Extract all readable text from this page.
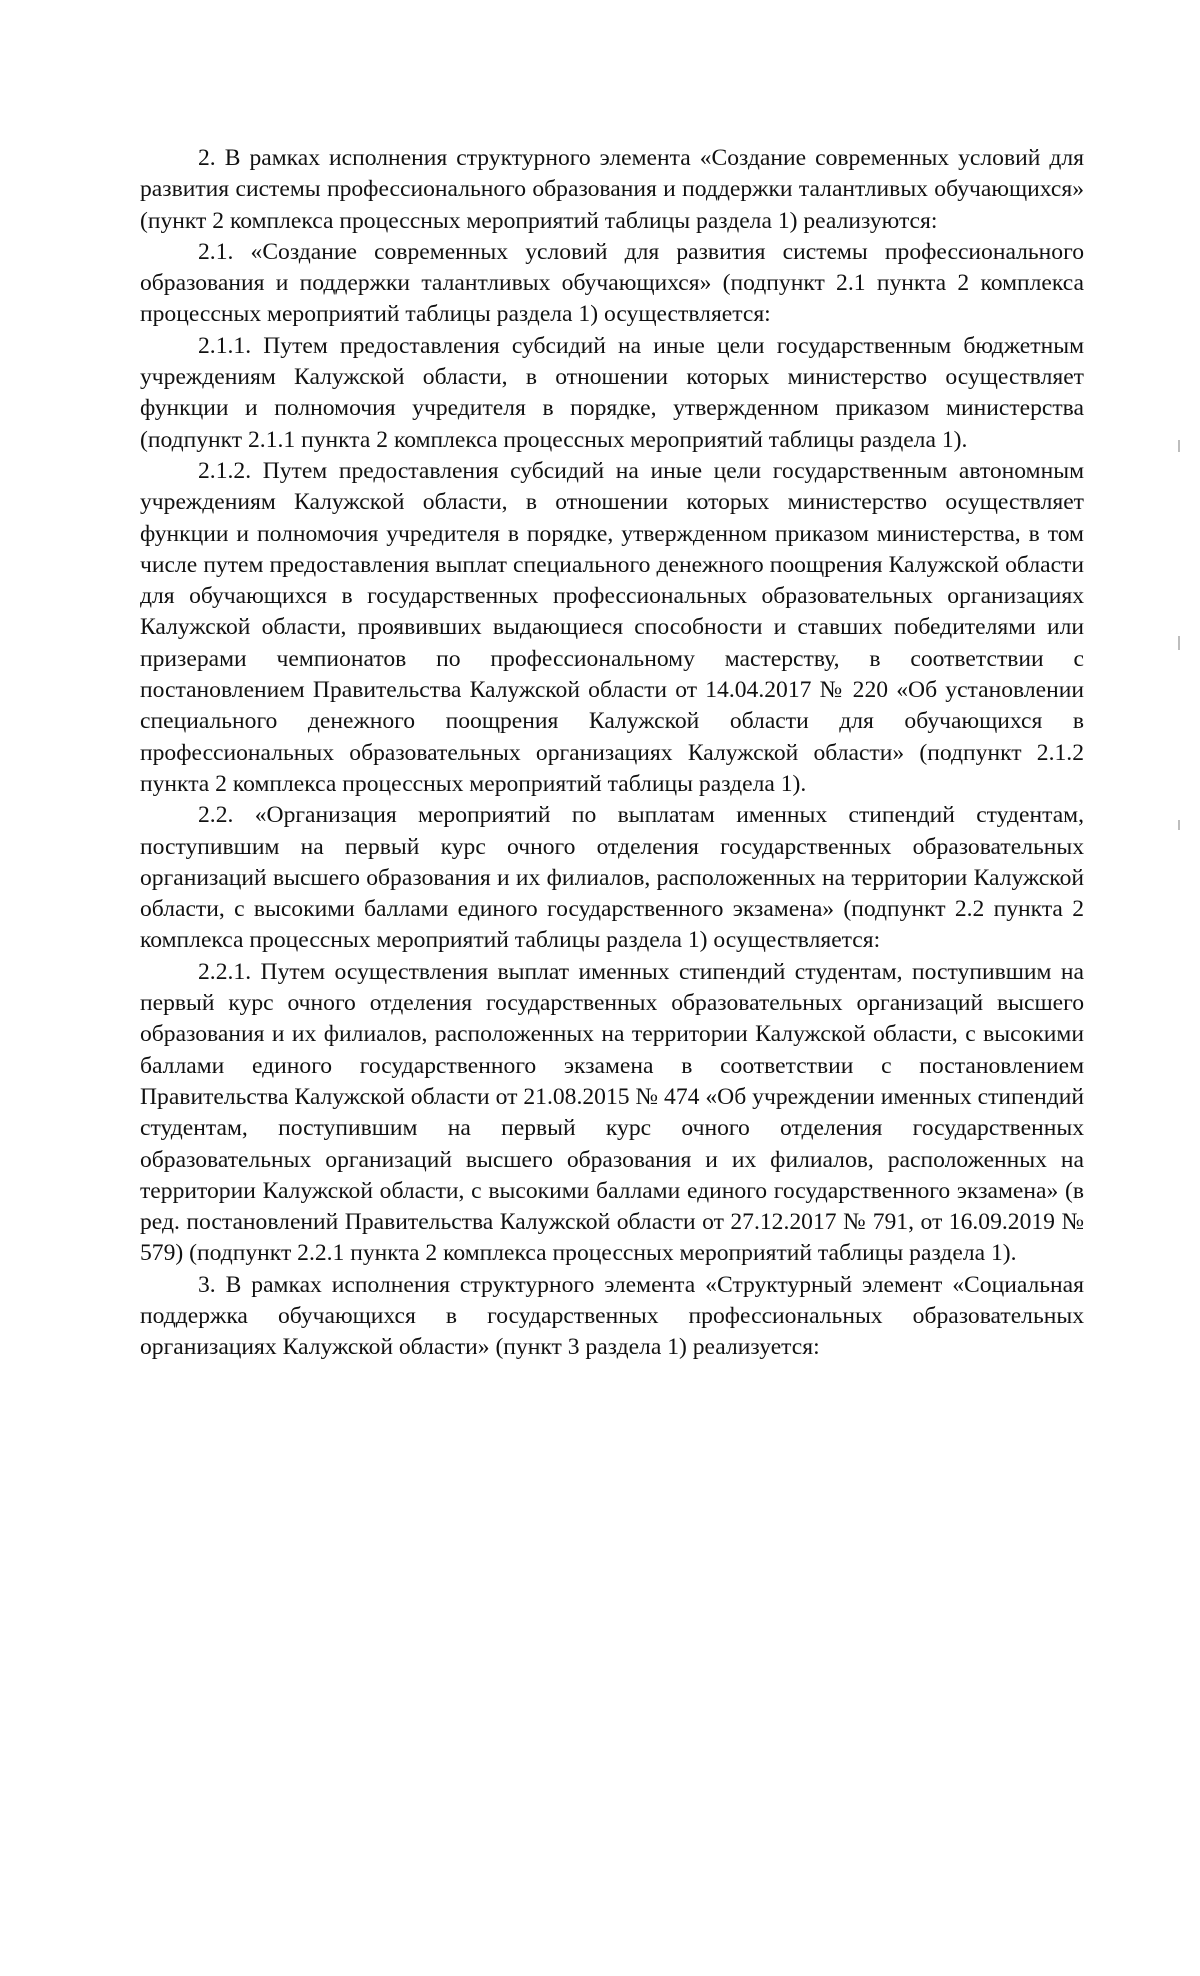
2. В рамках исполнения структурного элемента «Создание современных условий для развития системы профессионального образования и поддержки талантливых обучающихся» (пункт 2 комплекса процессных мероприятий таблицы раздела 1) реализуются:

2.1. «Создание современных условий для развития системы профессионального образования и поддержки талантливых обучающихся» (подпункт 2.1 пункта 2 комплекса процессных мероприятий таблицы раздела 1) осуществляется:

2.1.1. Путем предоставления субсидий на иные цели государственным бюджетным учреждениям Калужской области, в отношении которых министерство осуществляет функции и полномочия учредителя в порядке, утвержденном приказом министерства (подпункт 2.1.1 пункта 2 комплекса процессных мероприятий таблицы раздела 1).

2.1.2. Путем предоставления субсидий на иные цели государственным автономным учреждениям Калужской области, в отношении которых министерство осуществляет функции и полномочия учредителя в порядке, утвержденном приказом министерства, в том числе путем предоставления выплат специального денежного поощрения Калужской области для обучающихся в государственных профессиональных образовательных организациях Калужской области, проявивших выдающиеся способности и ставших победителями или призерами чемпионатов по профессиональному мастерству, в соответствии с постановлением Правительства Калужской области от 14.04.2017 № 220 «Об установлении специального денежного поощрения Калужской области для обучающихся в профессиональных образовательных организациях Калужской области» (подпункт 2.1.2 пункта 2 комплекса процессных мероприятий таблицы раздела 1).

2.2. «Организация мероприятий по выплатам именных стипендий студентам, поступившим на первый курс очного отделения государственных образовательных организаций высшего образования и их филиалов, расположенных на территории Калужской области, с высокими баллами единого государственного экзамена» (подпункт 2.2 пункта 2 комплекса процессных мероприятий таблицы раздела 1) осуществляется:

2.2.1. Путем осуществления выплат именных стипендий студентам, поступившим на первый курс очного отделения государственных образовательных организаций высшего образования и их филиалов, расположенных на территории Калужской области, с высокими баллами единого государственного экзамена в соответствии с постановлением Правительства Калужской области от 21.08.2015 № 474 «Об учреждении именных стипендий студентам, поступившим на первый курс очного отделения государственных образовательных организаций высшего образования и их филиалов, расположенных на территории Калужской области, с высокими баллами единого государственного экзамена» (в ред. постановлений Правительства Калужской области от 27.12.2017 № 791, от 16.09.2019 № 579) (подпункт 2.2.1 пункта 2 комплекса процессных мероприятий таблицы раздела 1).

3. В рамках исполнения структурного элемента «Структурный элемент «Социальная поддержка обучающихся в государственных профессиональных образовательных организациях Калужской области» (пункт 3 раздела 1) реализуется:
